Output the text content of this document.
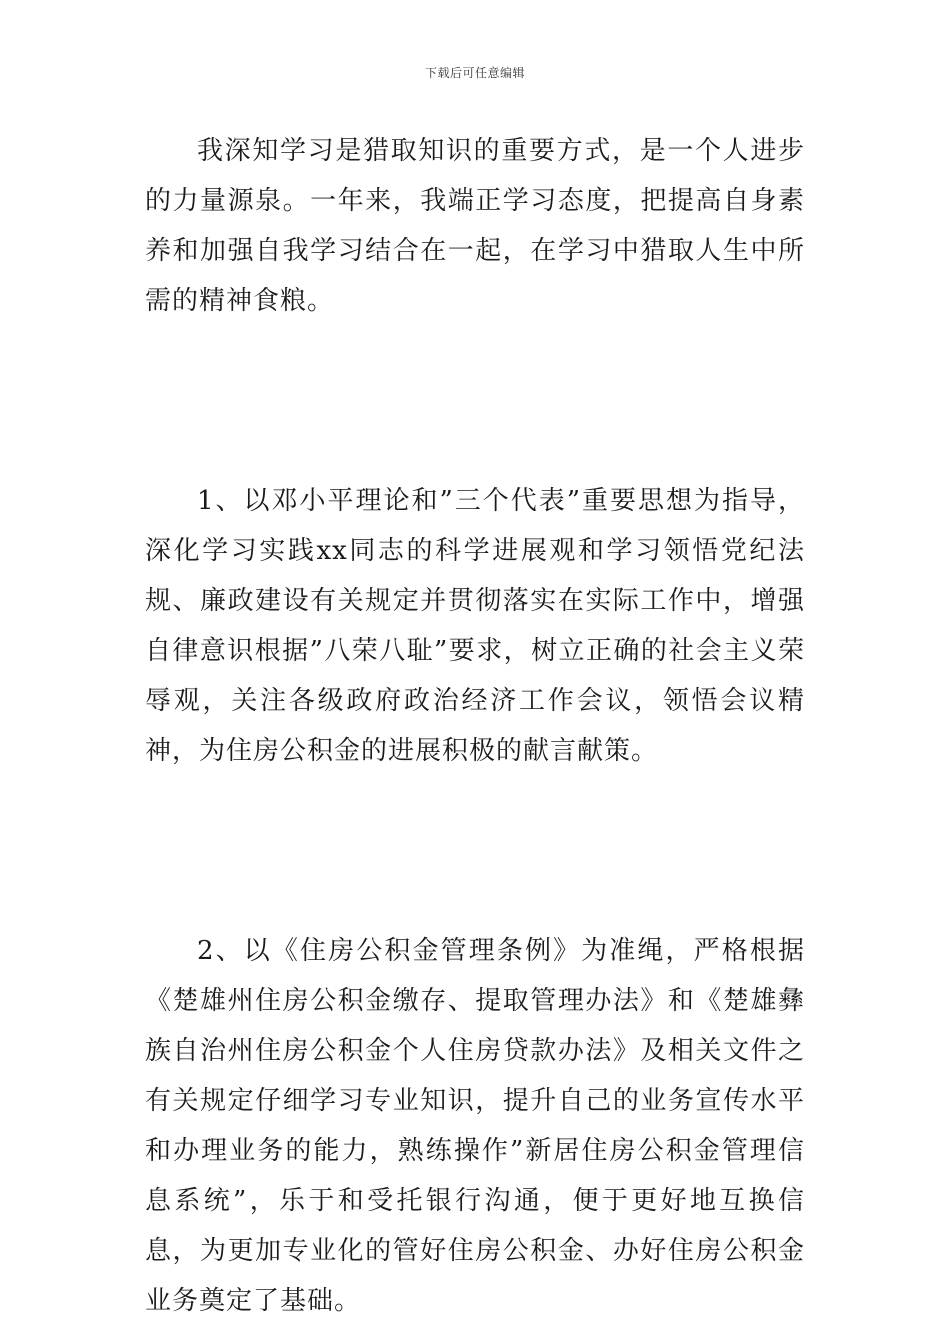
下载后可任意编辑

我深知学习是猎取知识的重要方式，是一个人进步的力量源泉。一年来，我端正学习态度，把提高自身素养和加强自我学习结合在一起，在学习中猎取人生中所需的精神食粮。

1、以邓小平理论和”三个代表”重要思想为指导，深化学习实践xx同志的科学进展观和学习领悟党纪法规、廉政建设有关规定并贯彻落实在实际工作中，增强自律意识根据”八荣八耻”要求，树立正确的社会主义荣辱观，关注各级政府政治经济工作会议，领悟会议精神，为住房公积金的进展积极的献言献策。

2、以《住房公积金管理条例》为准绳，严格根据《楚雄州住房公积金缴存、提取管理办法》和《楚雄彝族自治州住房公积金个人住房贷款办法》及相关文件之有关规定仔细学习专业知识，提升自己的业务宣传水平和办理业务的能力，熟练操作”新居住房公积金管理信息系统”，乐于和受托银行沟通，便于更好地互换信息，为更加专业化的管好住房公积金、办好住房公积金业务奠定了基础。
